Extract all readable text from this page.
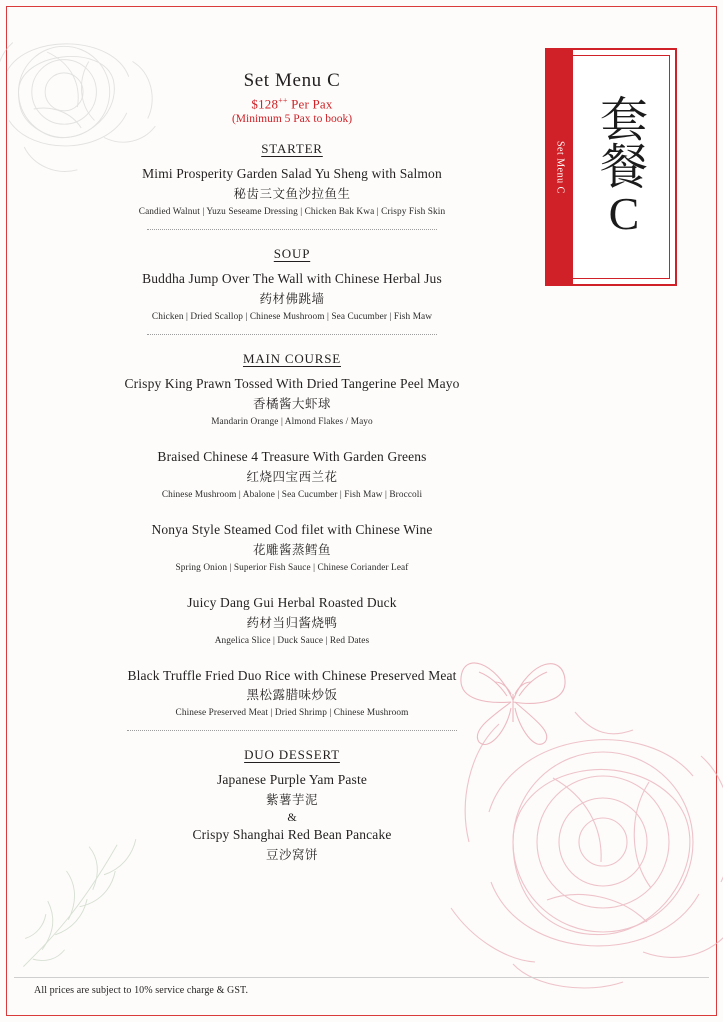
Set Menu C
套
餐
C
Set Menu C
$128++ Per Pax
(Minimum 5 Pax to book)
STARTER
Mimi Prosperity Garden Salad Yu Sheng with Salmon
秘齿三文鱼沙拉鱼生
Candied Walnut | Yuzu Seseame Dressing | Chicken Bak Kwa | Crispy Fish Skin
SOUP
Buddha Jump Over The Wall with Chinese Herbal Jus
药材佛跳墙
Chicken | Dried Scallop | Chinese Mushroom | Sea Cucumber | Fish Maw
MAIN COURSE
Crispy King Prawn Tossed With Dried Tangerine Peel Mayo
香橘酱大虾球
Mandarin Orange | Almond Flakes / Mayo
Braised Chinese 4 Treasure With Garden Greens
红烧四宝西兰花
Chinese Mushroom | Abalone | Sea Cucumber | Fish Maw | Broccoli
Nonya Style Steamed Cod filet with Chinese Wine
花雕酱蒸鳕鱼
Spring Onion | Superior Fish Sauce | Chinese Coriander Leaf
Juicy Dang Gui Herbal Roasted Duck
药材当归酱烧鸭
Angelica Slice | Duck Sauce | Red Dates
Black Truffle Fried Duo Rice with Chinese Preserved Meat
黑松露腊味炒饭
Chinese Preserved Meat | Dried Shrimp | Chinese Mushroom
DUO DESSERT
Japanese Purple Yam Paste
紫薯芋泥
&
Crispy Shanghai Red Bean Pancake
豆沙窝饼
All prices are subject to 10% service charge & GST.
